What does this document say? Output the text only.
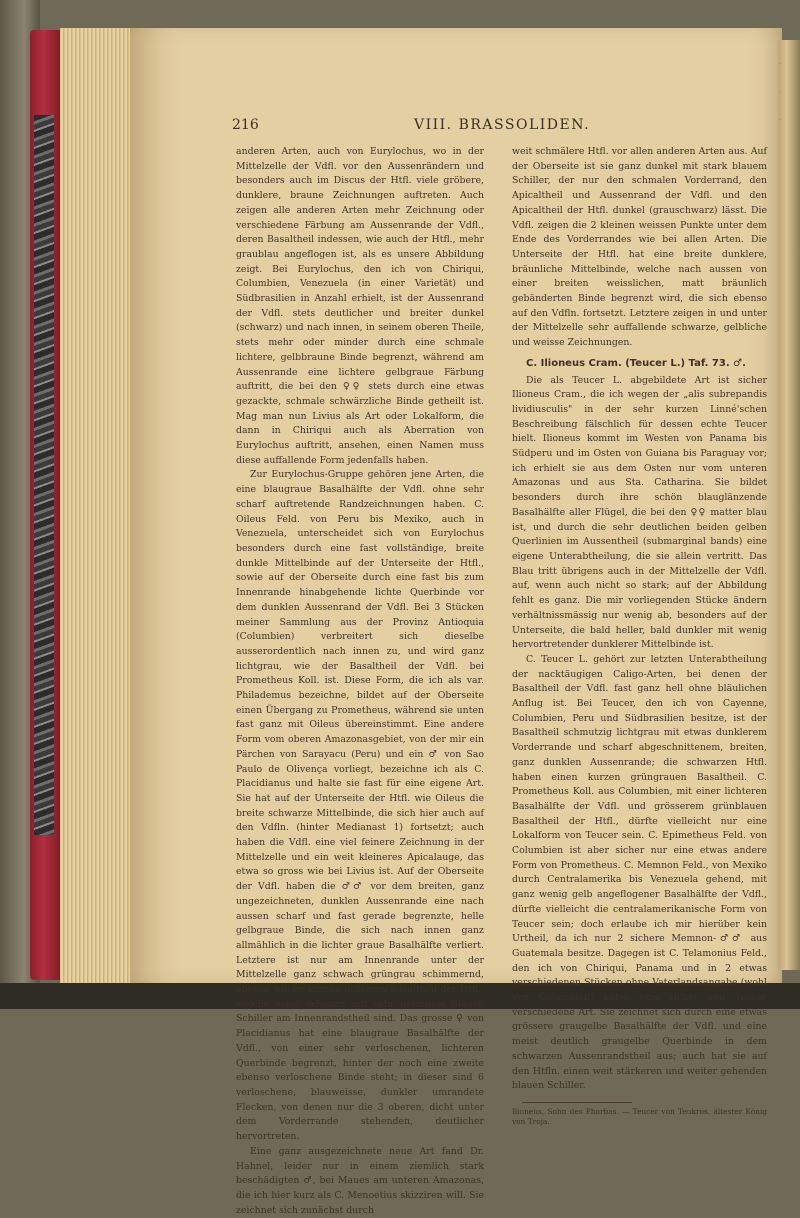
·
·
·
VIII. BRASSOLIDEN.
216

anderen Arten, auch von Eurylochus, wo in der Mittelzelle der Vdfl. vor den Aussenrändern und besonders auch im Discus der Htfl. viele gröbere, dunklere, braune Zeichnungen auftreten. Auch zeigen alle anderen Arten mehr Zeichnung oder verschiedene Färbung am Aussenrande der Vdfl., deren Basaltheil indessen, wie auch der Htfl., mehr graublau angeflogen ist, als es unsere Abbildung zeigt. Bei Eurylochus, den ich von Chiriqui, Columbien, Venezuela (in einer Varietät) und Südbrasilien in Anzahl erhielt, ist der Aussenrand der Vdfl. stets deutlicher und breiter dunkel (schwarz) und nach innen, in seinem oberen Theile, stets mehr oder minder durch eine schmale lichtere, gelbbraune Binde begrenzt, während am Aussenrande eine lichtere gelbgraue Färbung auftritt, die bei den ♀♀ stets durch eine etwas gezackte, schmale schwärzliche Binde getheilt ist. Mag man nun Livius als Art oder Lokalform, die dann in Chiriqui auch als Aberration von Eurylochus auftritt, ansehen, einen Namen muss diese auffallende Form jedenfalls haben.

Zur Eurylochus-Gruppe gehören jene Arten, die eine blaugraue Basalhälfte der Vdfl. ohne sehr scharf auftretende Randzeichnungen haben. C. Oileus Feld. von Peru bis Mexiko, auch in Venezuela, unterscheidet sich von Eurylochus besonders durch eine fast vollständige, breite dunkle Mittelbinde auf der Unterseite der Htfl., sowie auf der Oberseite durch eine fast bis zum Innenrande hinabgehende lichte Querbinde vor dem dunklen Aussenrand der Vdfl. Bei 3 Stücken meiner Sammlung aus der Provinz Antioquia (Columbien) verbreitert sich dieselbe ausserordentlich nach innen zu, und wird ganz lichtgrau, wie der Basaltheil der Vdfl. bei Prometheus Koll. ist. Diese Form, die ich als var. Philademus bezeichne, bildet auf der Oberseite einen Übergang zu Prometheus, während sie unten fast ganz mit Oileus übereinstimmt. Eine andere Form vom oberen Amazonasgebiet, von der mir ein Pärchen von Sarayacu (Peru) und ein ♂ von Sao Paulo de Olivença vorliegt, bezeichne ich als C. Placidianus und halte sie fast für eine eigene Art. Sie hat auf der Unterseite der Htfl. wie Oileus die breite schwarze Mittelbinde, die sich hier auch auf den Vdfln. (hinter Medianast 1) fortsetzt; auch haben die Vdfl. eine viel feinere Zeichnung in der Mittelzelle und ein weit kleineres Apicalauge, das etwa so gross wie bei Livius ist. Auf der Oberseite der Vdfl. haben die ♂♂ vor dem breiten, ganz ungezeichneten, dunklen Aussenrande eine nach aussen scharf und fast gerade begrenzte, helle gelbgraue Binde, die sich nach innen ganz allmählich in die lichter graue Basalhälfte verliert. Letztere ist nur am Innenrande unter der Mittelzelle ganz schwach grüngrau schimmernd, ebenso wie im kurzen lichteren Basaltheil der Htfl., welche sonst schwarz mit sehr geringem blauen Schiller am Innenrandstheil sind. Das grosse ♀ von Placidianus hat eine blaugraue Basalhälfte der Vdfl., von einer sehr verloschenen, lichteren Querbinde begrenzt, hinter der noch eine zweite ebenso verloschene Binde steht; in dieser sind 6 verloschene, blauweisse, dunkler umrandete Flecken, von denen nur die 3 oberen, dicht unter dem Vorderrande stehenden, deutlicher hervortreten.

Eine ganz ausgezeichnete neue Art fand Dr. Hahnel, leider nur in einem ziemlich stark beschädigten ♂, bei Maues am unteren Amazonas, die ich hier kurz als C. Menoetius skizziren will. Sie zeichnet sich zunächst durch

weit schmälere Htfl. vor allen anderen Arten aus. Auf der Oberseite ist sie ganz dunkel mit stark blauem Schiller, der nur den schmalen Vorderrand, den Apicaltheil und Aussenrand der Vdfl. und den Apicaltheil der Htfl. dunkel (grauschwarz) lässt. Die Vdfl. zeigen die 2 kleinen weissen Punkte unter dem Ende des Vorderrandes wie bei allen Arten. Die Unterseite der Htfl. hat eine breite dunklere, bräunliche Mittelbinde, welche nach aussen von einer breiten weisslichen, matt bräunlich gebänderten Binde begrenzt wird, die sich ebenso auf den Vdfln. fortsetzt. Letztere zeigen in und unter der Mittelzelle sehr auffallende schwarze, gelbliche und weisse Zeichnungen.

C. Ilioneus Cram. (Teucer L.) Taf. 73. ♂.

Die als Teucer L. abgebildete Art ist sicher Ilioneus Cram., die ich wegen der „alis subrepandis lividiusculis" in der sehr kurzen Linné'schen Beschreibung fälschlich für dessen echte Teucer hielt. Ilioneus kommt im Westen von Panama bis Südperu und im Osten von Guiana bis Paraguay vor; ich erhielt sie aus dem Osten nur vom unteren Amazonas und aus Sta. Catharina. Sie bildet besonders durch ihre schön blauglänzende Basalhälfte aller Flügel, die bei den ♀♀ matter blau ist, und durch die sehr deutlichen beiden gelben Querlinien im Aussentheil (submarginal bands) eine eigene Unterabtheilung, die sie allein vertritt. Das Blau tritt übrigens auch in der Mittelzelle der Vdfl. auf, wenn auch nicht so stark; auf der Abbildung fehlt es ganz. Die mir vorliegenden Stücke ändern verhältnissmässig nur wenig ab, besonders auf der Unterseite, die bald heller, bald dunkler mit wenig hervortretender dunklerer Mittelbinde ist.

C. Teucer L. gehört zur letzten Unterabtheilung der nacktäugigen Caligo-Arten, bei denen der Basaltheil der Vdfl. fast ganz hell ohne bläulichen Anflug ist. Bei Teucer, den ich von Cayenne, Columbien, Peru und Südbrasilien besitze, ist der Basaltheil schmutzig lichtgrau mit etwas dunklerem Vorderrande und scharf abgeschnittenem, breiten, ganz dunklen Aussenrande; die schwarzen Htfl. haben einen kurzen grüngrauen Basaltheil. C. Prometheus Koll. aus Columbien, mit einer lichteren Basalhälfte der Vdfl. und grösserem grünblauen Basaltheil der Htfl., dürfte vielleicht nur eine Lokalform von Teucer sein. C. Epimetheus Feld. von Columbien ist aber sicher nur eine etwas andere Form von Prometheus. C. Memnon Feld., von Mexiko durch Centralamerika bis Venezuela gehend, mit ganz wenig gelb angeflogener Basalhälfte der Vdfl., dürfte vielleicht die centralamerikanische Form von Teucer sein; doch erlaube ich mir hierüber kein Urtheil, da ich nur 2 sichere Memnon-♂♂ aus Guatemala besitze. Dagegen ist C. Telamonius Feld., den ich von Chiriqui, Panama und in 2 etwas verschiedenen Stücken ohne Vaterlandsangabe (wohl von Columbien) habe, eine sicher von Teucer verschiedene Art. Sie zeichnet sich durch eine etwas grössere graugelbe Basalhälfte der Vdfl. und eine meist deutlich graugelbe Querbinde in dem schwarzen Aussenrandstheil aus; auch hat sie auf den Htfln. einen weit stärkeren und weiter gehenden blauen Schiller.

Ilioneus, Sohn des Phorbas. — Teucer von Teukros, ältester König von Troja.
